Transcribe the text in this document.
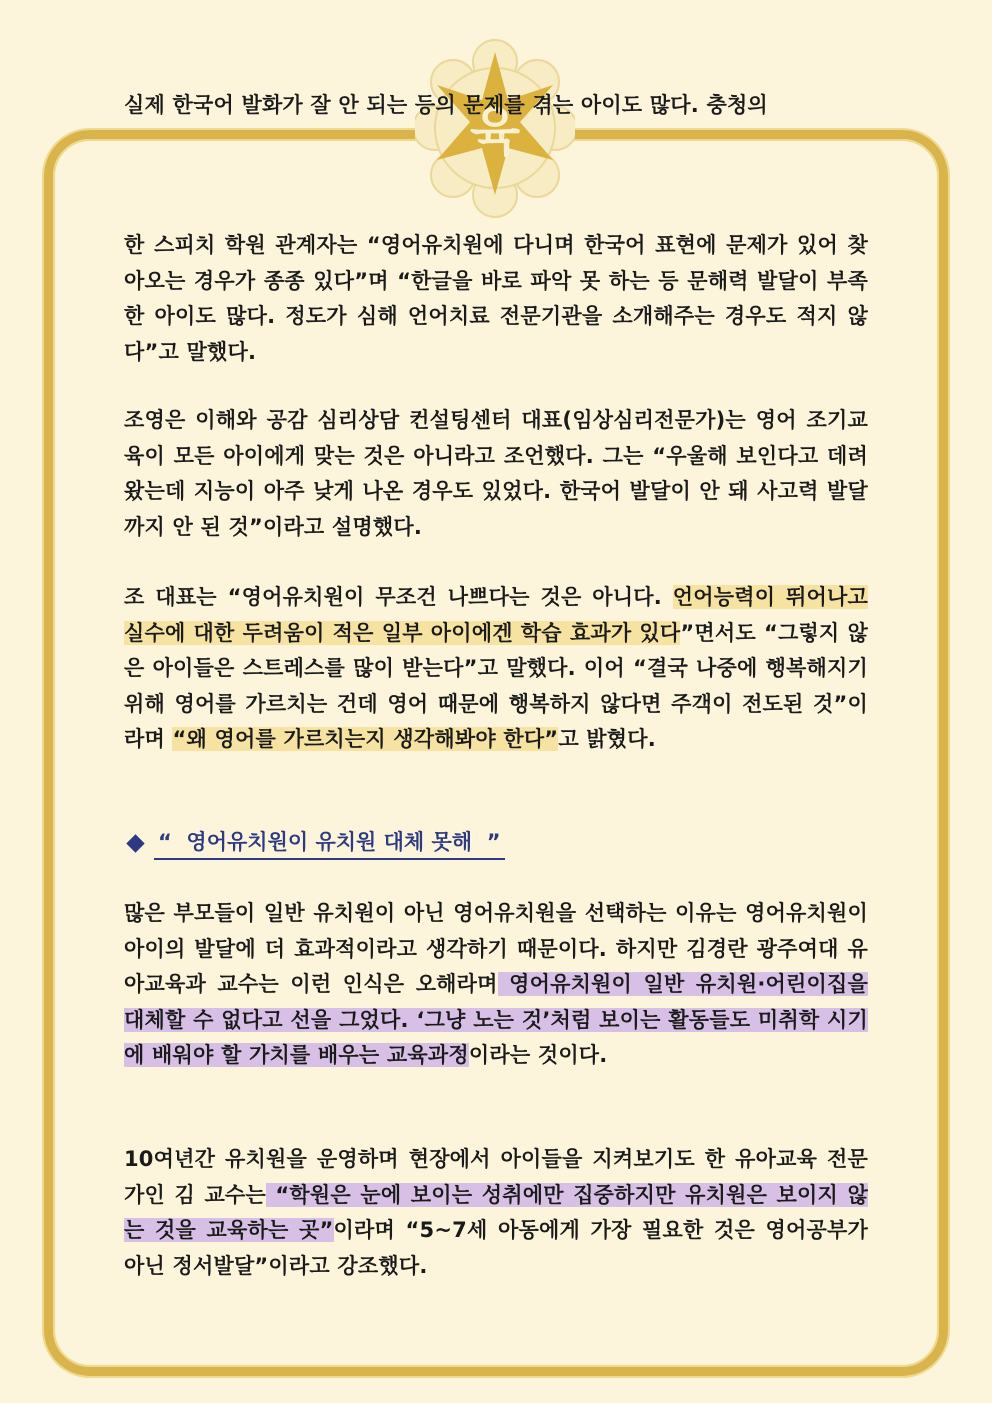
육
실제 한국어 발화가 잘 안 되는 등의 문제를 겪는 아이도 많다. 충청의
한 스피치 학원 관계자는 “영어유치원에 다니며 한국어 표현에 문제가 있어 찾아오는 경우가 종종 있다”며 “한글을 바로 파악 못 하는 등 문해력 발달이 부족한 아이도 많다. 정도가 심해 언어치료 전문기관을 소개해주는 경우도 적지 않다”고 말했다.
조영은 이해와 공감 심리상담 컨설팅센터 대표(임상심리전문가)는 영어 조기교육이 모든 아이에게 맞는 것은 아니라고 조언했다. 그는 “우울해 보인다고 데려왔는데 지능이 아주 낮게 나온 경우도 있었다. 한국어 발달이 안 돼 사고력 발달까지 안 된 것”이라고 설명했다.
조 대표는 “영어유치원이 무조건 나쁘다는 것은 아니다. 언어능력이 뛰어나고 실수에 대한 두려움이 적은 일부 아이에겐 학습 효과가 있다”면서도 “그렇지 않은 아이들은 스트레스를 많이 받는다”고 말했다. 이어 “결국 나중에 행복해지기 위해 영어를 가르치는 건데 영어 때문에 행복하지 않다면 주객이 전도된 것”이라며 “왜 영어를 가르치는지 생각해봐야 한다”고 밝혔다.
“  영어유치원이 유치원 대체 못해  ”
많은 부모들이 일반 유치원이 아닌 영어유치원을 선택하는 이유는 영어유치원이 아이의 발달에 더 효과적이라고 생각하기 때문이다. 하지만 김경란 광주여대 유아교육과 교수는 이런 인식은 오해라며 영어유치원이 일반 유치원·어린이집을 대체할 수 없다고 선을 그었다. ‘그냥 노는 것’처럼 보이는 활동들도 미취학 시기에 배워야 할 가치를 배우는 교육과정이라는 것이다.
10여년간 유치원을 운영하며 현장에서 아이들을 지켜보기도 한 유아교육 전문가인 김 교수는 “학원은 눈에 보이는 성취에만 집중하지만 유치원은 보이지 않는 것을 교육하는 곳”이라며 “5~7세 아동에게 가장 필요한 것은 영어공부가 아닌 정서발달”이라고 강조했다.
